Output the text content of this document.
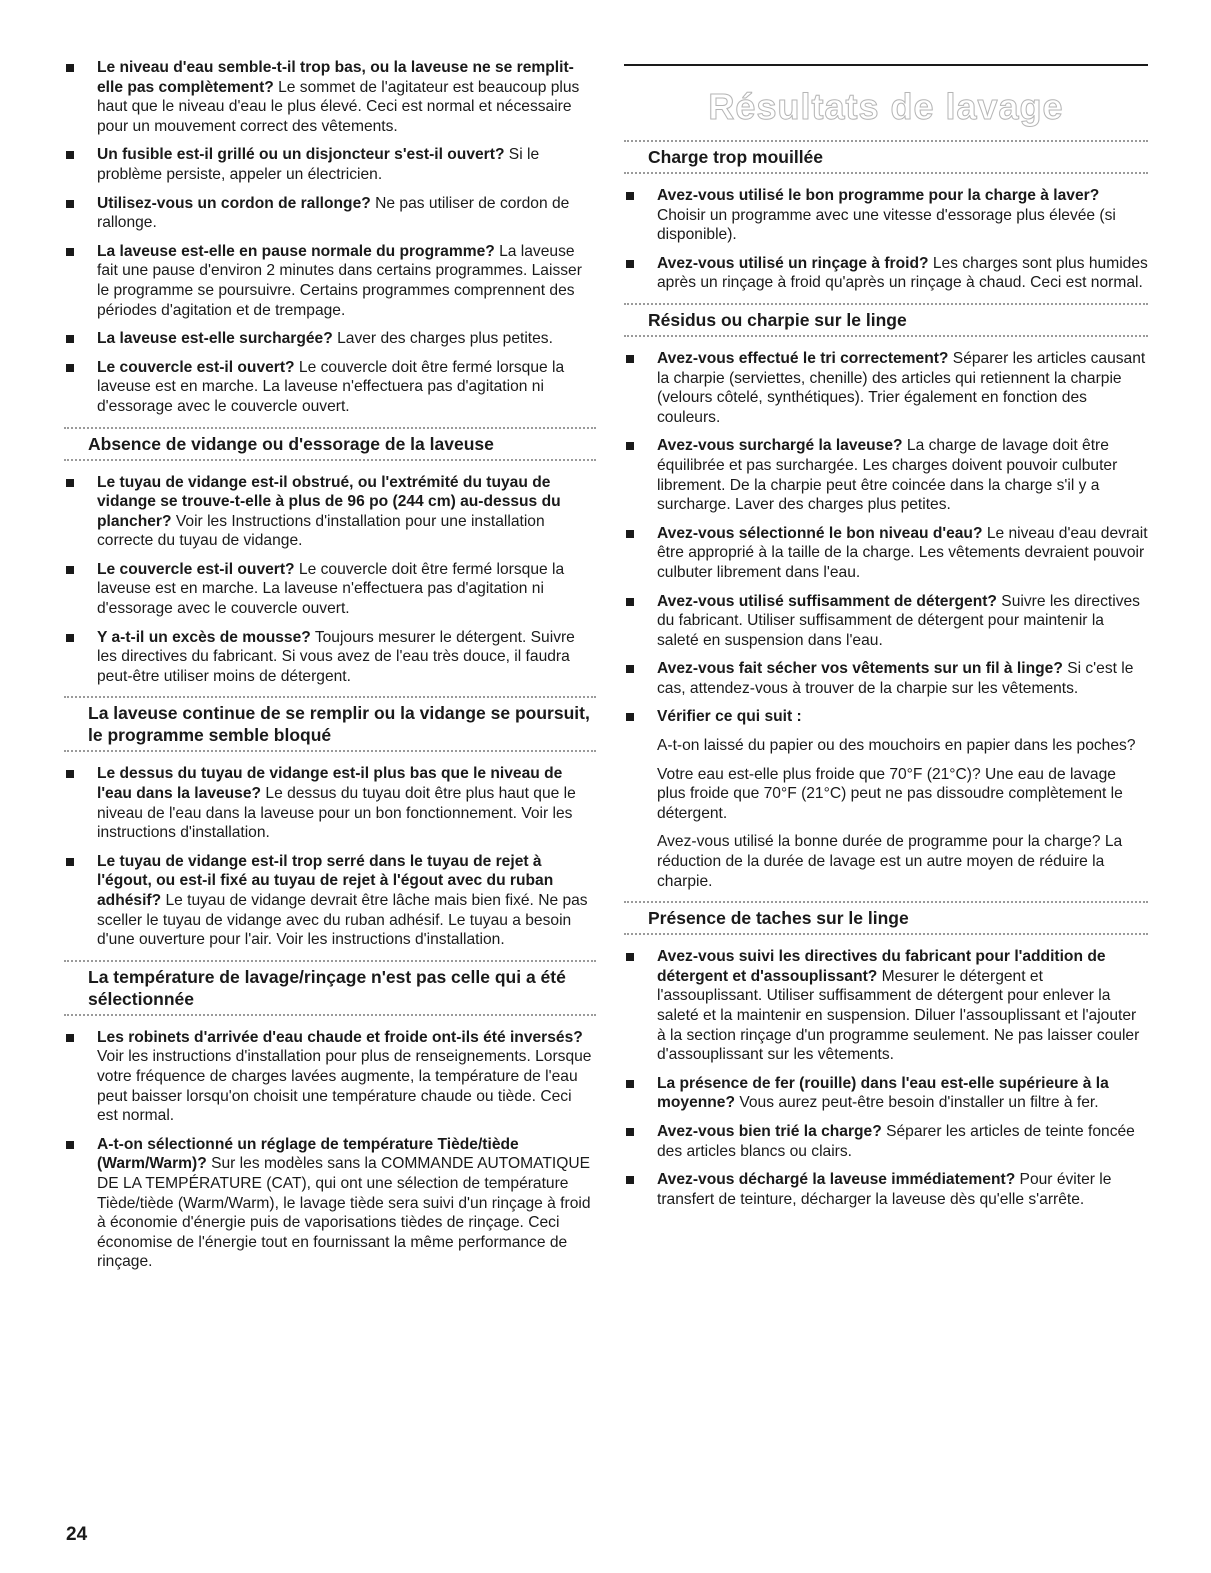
Le niveau d'eau semble-t-il trop bas, ou la laveuse ne se remplit-elle pas complètement? Le sommet de l'agitateur est beaucoup plus haut que le niveau d'eau le plus élevé. Ceci est normal et nécessaire pour un mouvement correct des vêtements.
Un fusible est-il grillé ou un disjoncteur s'est-il ouvert? Si le problème persiste, appeler un électricien.
Utilisez-vous un cordon de rallonge? Ne pas utiliser de cordon de rallonge.
La laveuse est-elle en pause normale du programme? La laveuse fait une pause d'environ 2 minutes dans certains programmes. Laisser le programme se poursuivre. Certains programmes comprennent des périodes d'agitation et de trempage.
La laveuse est-elle surchargée? Laver des charges plus petites.
Le couvercle est-il ouvert? Le couvercle doit être fermé lorsque la laveuse est en marche. La laveuse n'effectuera pas d'agitation ni d'essorage avec le couvercle ouvert.
Absence de vidange ou d'essorage de la laveuse
Le tuyau de vidange est-il obstrué, ou l'extrémité du tuyau de vidange se trouve-t-elle à plus de 96 po (244 cm) au-dessus du plancher? Voir les Instructions d'installation pour une installation correcte du tuyau de vidange.
Le couvercle est-il ouvert? Le couvercle doit être fermé lorsque la laveuse est en marche. La laveuse n'effectuera pas d'agitation ni d'essorage avec le couvercle ouvert.
Y a-t-il un excès de mousse? Toujours mesurer le détergent. Suivre les directives du fabricant. Si vous avez de l'eau très douce, il faudra peut-être utiliser moins de détergent.
La laveuse continue de se remplir ou la vidange se poursuit, le programme semble bloqué
Le dessus du tuyau de vidange est-il plus bas que le niveau de l'eau dans la laveuse? Le dessus du tuyau doit être plus haut que le niveau de l'eau dans la laveuse pour un bon fonctionnement. Voir les instructions d'installation.
Le tuyau de vidange est-il trop serré dans le tuyau de rejet à l'égout, ou est-il fixé au tuyau de rejet à l'égout avec du ruban adhésif? Le tuyau de vidange devrait être lâche mais bien fixé. Ne pas sceller le tuyau de vidange avec du ruban adhésif. Le tuyau a besoin d'une ouverture pour l'air. Voir les instructions d'installation.
La température de lavage/rinçage n'est pas celle qui a été sélectionnée
Les robinets d'arrivée d'eau chaude et froide ont-ils été inversés? Voir les instructions d'installation pour plus de renseignements. Lorsque votre fréquence de charges lavées augmente, la température de l'eau peut baisser lorsqu'on choisit une température chaude ou tiède. Ceci est normal.
A-t-on sélectionné un réglage de température Tiède/tiède (Warm/Warm)? Sur les modèles sans la COMMANDE AUTOMATIQUE DE LA TEMPÉRATURE (CAT), qui ont une sélection de température Tiède/tiède (Warm/Warm), le lavage tiède sera suivi d'un rinçage à froid à économie d'énergie puis de vaporisations tièdes de rinçage. Ceci économise de l'énergie tout en fournissant la même performance de rinçage.
Résultats de lavage
Charge trop mouillée
Avez-vous utilisé le bon programme pour la charge à laver? Choisir un programme avec une vitesse d'essorage plus élevée (si disponible).
Avez-vous utilisé un rinçage à froid? Les charges sont plus humides après un rinçage à froid qu'après un rinçage à chaud. Ceci est normal.
Résidus ou charpie sur le linge
Avez-vous effectué le tri correctement? Séparer les articles causant la charpie (serviettes, chenille) des articles qui retiennent la charpie (velours côtelé, synthétiques). Trier également en fonction des couleurs.
Avez-vous surchargé la laveuse? La charge de lavage doit être équilibrée et pas surchargée. Les charges doivent pouvoir culbuter librement. De la charpie peut être coincée dans la charge s'il y a surcharge. Laver des charges plus petites.
Avez-vous sélectionné le bon niveau d'eau? Le niveau d'eau devrait être approprié à la taille de la charge. Les vêtements devraient pouvoir culbuter librement dans l'eau.
Avez-vous utilisé suffisamment de détergent? Suivre les directives du fabricant. Utiliser suffisamment de détergent pour maintenir la saleté en suspension dans l'eau.
Avez-vous fait sécher vos vêtements sur un fil à linge? Si c'est le cas, attendez-vous à trouver de la charpie sur les vêtements.
Vérifier ce qui suit :
A-t-on laissé du papier ou des mouchoirs en papier dans les poches?
Votre eau est-elle plus froide que 70°F (21°C)? Une eau de lavage plus froide que 70°F (21°C) peut ne pas dissoudre complètement le détergent.
Avez-vous utilisé la bonne durée de programme pour la charge? La réduction de la durée de lavage est un autre moyen de réduire la charpie.
Présence de taches sur le linge
Avez-vous suivi les directives du fabricant pour l'addition de détergent et d'assouplissant? Mesurer le détergent et l'assouplissant. Utiliser suffisamment de détergent pour enlever la saleté et la maintenir en suspension. Diluer l'assouplissant et l'ajouter à la section rinçage d'un programme seulement. Ne pas laisser couler d'assouplissant sur les vêtements.
La présence de fer (rouille) dans l'eau est-elle supérieure à la moyenne? Vous aurez peut-être besoin d'installer un filtre à fer.
Avez-vous bien trié la charge? Séparer les articles de teinte foncée des articles blancs ou clairs.
Avez-vous déchargé la laveuse immédiatement? Pour éviter le transfert de teinture, décharger la laveuse dès qu'elle s'arrête.
24
